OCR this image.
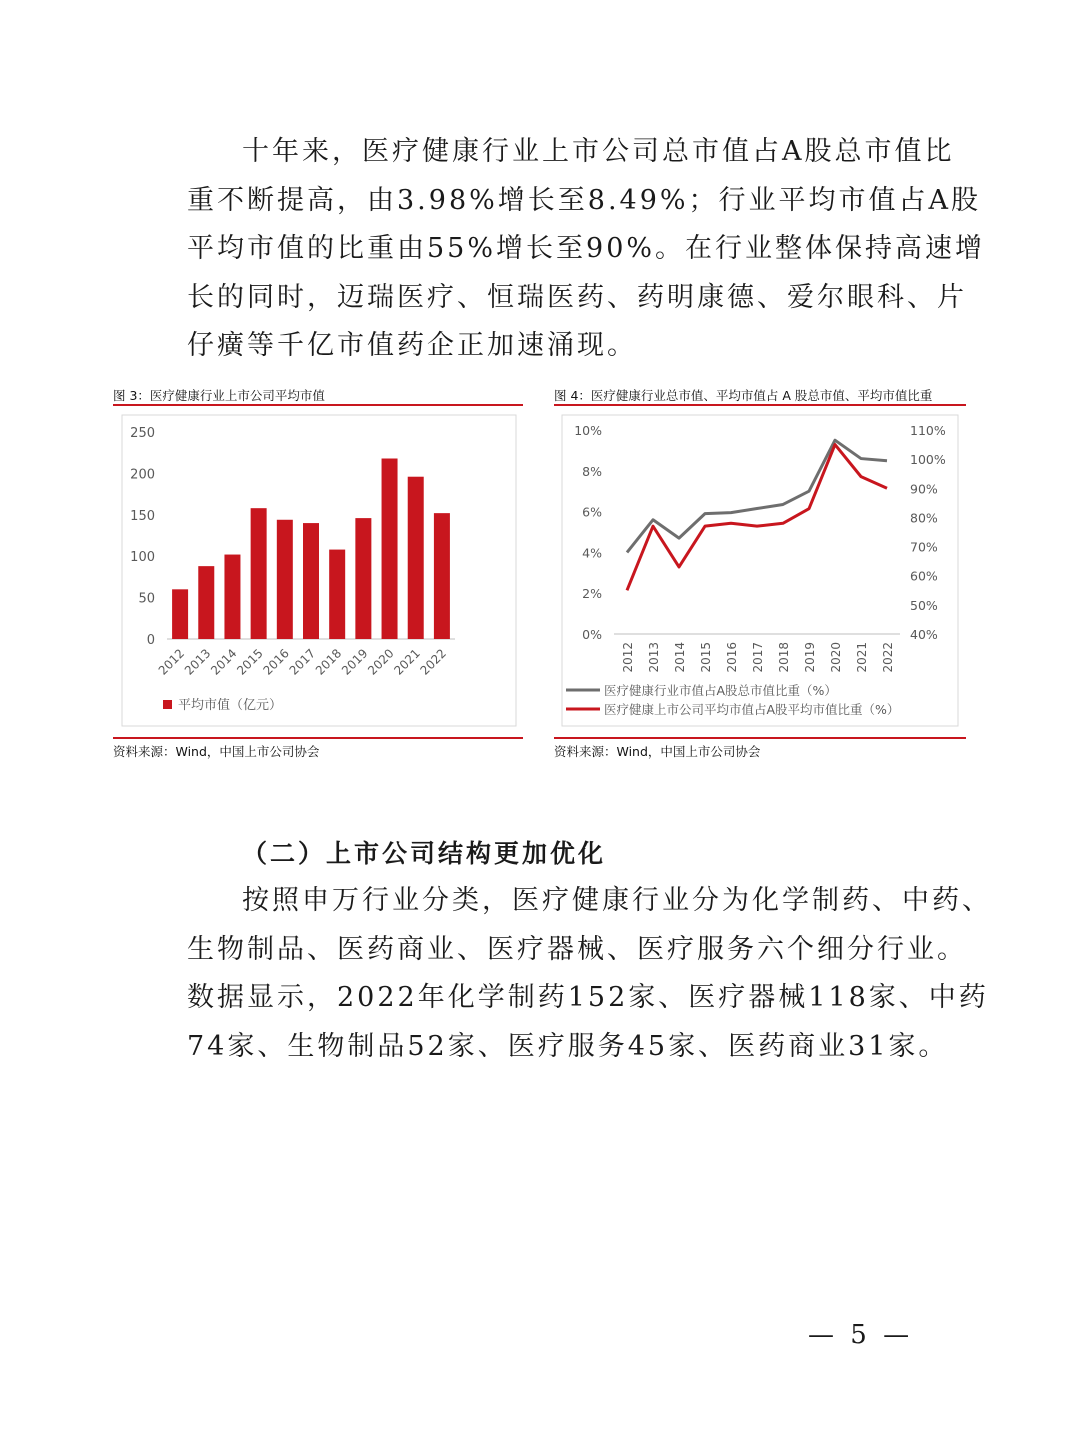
十年来，医疗健康行业上市公司总市值占A股总市值比

重不断提高，由3.98%增长至8.49%；行业平均市值占A股

平均市值的比重由55%增长至90%。在行业整体保持高速增

长的同时，迈瑞医疗、恒瑞医药、药明康德、爱尔眼科、片

仔癀等千亿市值药企正加速涌现。

图 3：医疗健康行业上市公司平均市值
0
50
100
150
200
250
2012
2013
2014
2015
2016
2017
2018
2019
2020
2021
2022
平均市值（亿元）
资料来源：Wind，中国上市公司协会
图 4：医疗健康行业总市值、平均市值占 A 股总市值、平均市值比重
0%
2%
4%
6%
8%
10%
40%
50%
60%
70%
80%
90%
100%
110%
2012 2013 2014 2015 2016 2017 2018 2019 2020 2021 2022
医疗健康行业市值占A股总市值比重（%）
医疗健康上市公司平均市值占A股平均市值比重（%）
资料来源：Wind，中国上市公司协会
（二）上市公司结构更加优化

按照申万行业分类，医疗健康行业分为化学制药、中药、

生物制品、医药商业、医疗器械、医疗服务六个细分行业。

数据显示，2022年化学制药152家、医疗器械118家、中药

74家、生物制品52家、医疗服务45家、医药商业31家。

— 5 —
